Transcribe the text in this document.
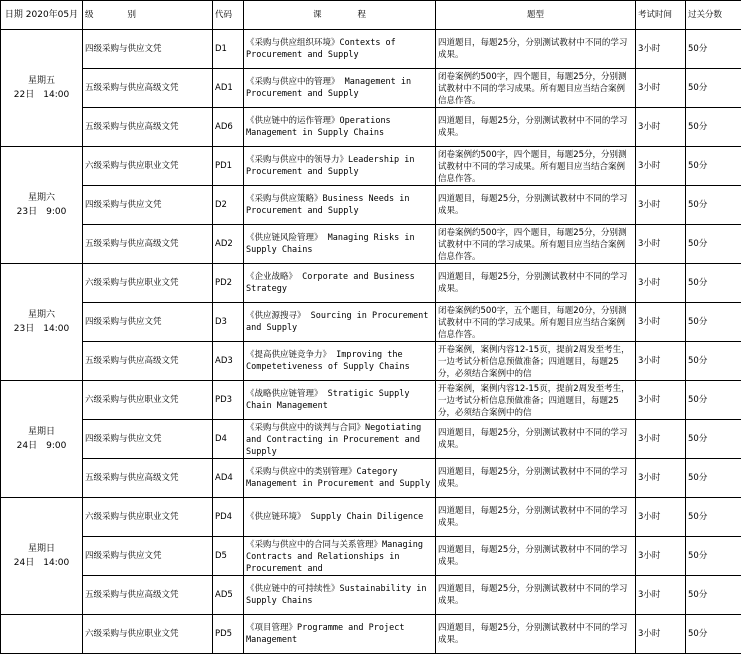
日期 2020年05月	级 别	代码	课 程	题型	考试时间	过关分数

星期五
22日　14:00	四级采购与供应文凭	D1	《采购与供应组织环境》Contexts of Procurement and Supply	四道题目，每题25分，分别测试教材中不同的学习成果。	3小时	50分
	五级采购与供应高级文凭	AD1	《采购与供应中的管理》 Management in Procurement and Supply	闭卷案例约500字，四个题目，每题25分，分别测试教材中不同的学习成果。所有题目应当结合案例信息作答。	3小时	50分
	五级采购与供应高级文凭	AD6	《供应链中的运作管理》Operations Management in Supply Chains	四道题目，每题25分，分别测试教材中不同的学习成果。	3小时	50分

星期六
23日　9:00	六级采购与供应职业文凭	PD1	《采购与供应中的领导力》Leadership in Procurement and Supply	闭卷案例约500字，四个题目，每题25分，分别测试教材中不同的学习成果。所有题目应当结合案例信息作答。	3小时	50分
	四级采购与供应文凭	D2	《采购与供应策略》Business Needs in Procurement and Supply	四道题目，每题25分，分别测试教材中不同的学习成果。	3小时	50分
	五级采购与供应高级文凭	AD2	《供应链风险管理》 Managing Risks in Supply Chains	闭卷案例约500字，四个题目，每题25分，分别测试教材中不同的学习成果。所有题目应当结合案例信息作答。	3小时	50分

星期六
23日　14:00	六级采购与供应职业文凭	PD2	《企业战略》 Corporate and Business Strategy	四道题目，每题25分，分别测试教材中不同的学习成果。	3小时	50分
	四级采购与供应文凭	D3	《供应源搜寻》 Sourcing in Procurement and Supply	闭卷案例约500字，五个题目，每题20分，分别测试教材中不同的学习成果。所有题目应当结合案例信息作答。	3小时	50分
	五级采购与供应高级文凭	AD3	《提高供应链竞争力》 Improving the Competetiveness of Supply Chains	开卷案例，案例内容12-15页，提前2周发至考生，一边考试分析信息预做准备；四道题目，每题25分，必须结合案例中的信	3小时	50分

星期日
24日　9:00	六级采购与供应职业文凭	PD3	《战略供应链管理》 Stratigic Supply Chain Management	开卷案例，案例内容12-15页，提前2周发至考生，一边考试分析信息预做准备；四道题目，每题25分，必须结合案例中的信	3小时	50分
	四级采购与供应文凭	D4	《采购与供应中的谈判与合同》Negotiating and Contracting in Procurement and Supply	四道题目，每题25分，分别测试教材中不同的学习成果。	3小时	50分
	五级采购与供应高级文凭	AD4	《采购与供应中的类别管理》Category Management in Procurement and Supply	四道题目，每题25分，分别测试教材中不同的学习成果。	3小时	50分

星期日
24日　14:00	六级采购与供应职业文凭	PD4	《供应链环境》 Supply Chain Diligence	四道题目，每题25分，分别测试教材中不同的学习成果。	3小时	50分
	四级采购与供应文凭	D5	《采购与供应中的合同与关系管理》Managing Contracts and Relationships in Procurement and	四道题目，每题25分，分别测试教材中不同的学习成果。	3小时	50分
	五级采购与供应高级文凭	AD5	《供应链中的可持续性》Sustainability in Supply Chains	四道题目，每题25分，分别测试教材中不同的学习成果。	3小时	50分

	六级采购与供应职业文凭	PD5	《项目管理》Programme and Project Management	四道题目，每题25分，分别测试教材中不同的学习成果。	3小时	50分
